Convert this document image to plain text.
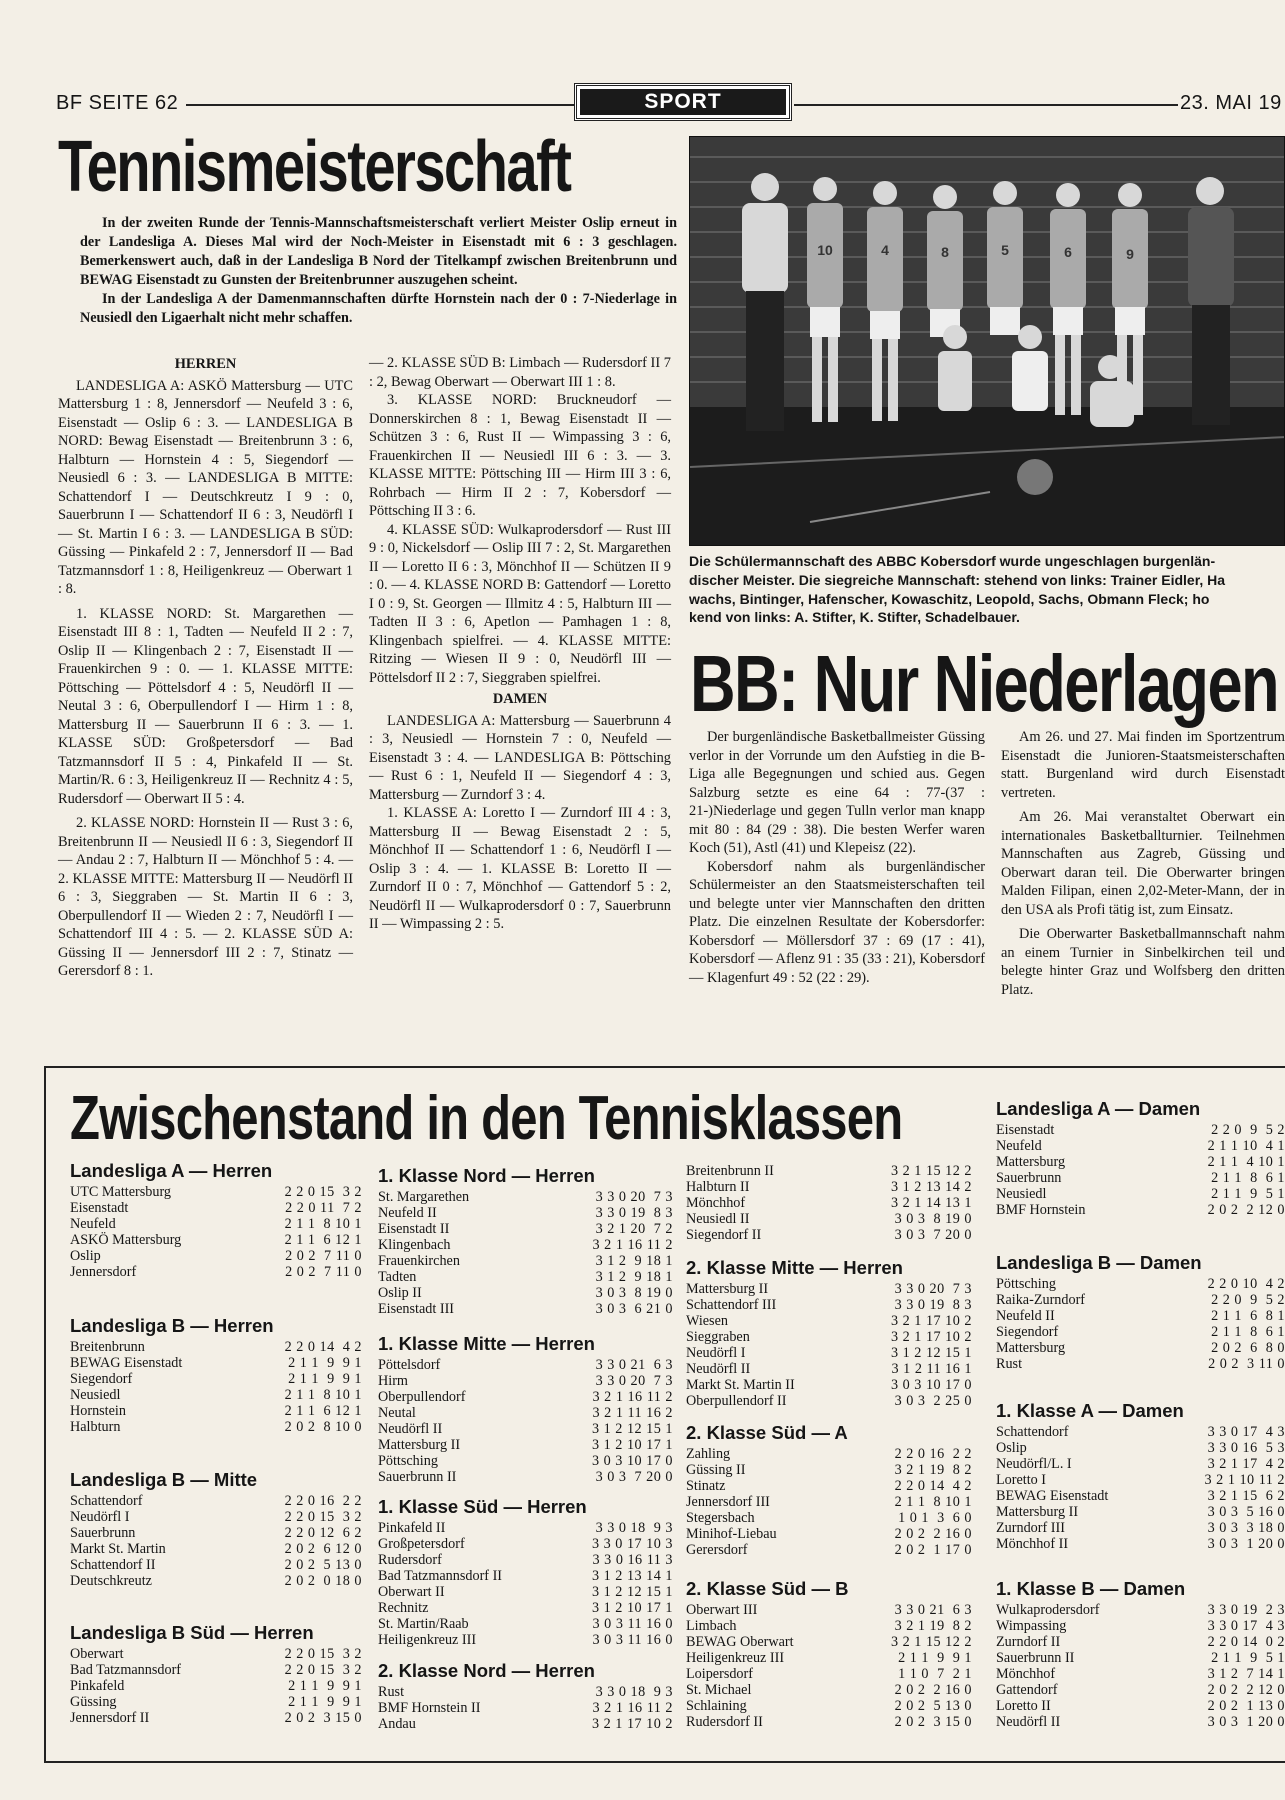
BF SEITE 62	SPORT	23. MAI 19
Tennismeisterschaft

In der zweiten Runde der Tennis-Mannschaftsmeisterschaft verliert Meister Oslip erneut in der Landesliga A. Dieses Mal wird der Noch-Meister in Eisenstadt mit 6 : 3 geschlagen. Bemerkenswert auch, daß in der Landesliga B Nord der Titelkampf zwischen Breitenbrunn und BEWAG Eisenstadt zu Gunsten der Breitenbrunner auszugehen scheint.

In der Landesliga A der Damenmannschaften dürfte Hornstein nach der 0 : 7-Niederlage in Neusiedl den Ligaerhalt nicht mehr schaffen.

HERREN

LANDESLIGA A: ASKÖ Mattersburg — UTC Mattersburg 1 : 8, Jennersdorf — Neufeld 3 : 6, Eisenstadt — Oslip 6 : 3. — LANDESLIGA B NORD: Bewag Eisenstadt — Breitenbrunn 3 : 6, Halbturn — Hornstein 4 : 5, Siegendorf — Neusiedl 6 : 3. — LANDESLIGA B MITTE: Schattendorf I — Deutschkreutz I 9 : 0, Sauerbrunn I — Schattendorf II 6 : 3, Neudörfl I — St. Martin I 6 : 3. — LANDESLIGA B SÜD: Güssing — Pinkafeld 2 : 7, Jennersdorf II — Bad Tatzmannsdorf 1 : 8, Heiligenkreuz — Oberwart 1 : 8.

1. KLASSE NORD: St. Margarethen — Eisenstadt III 8 : 1, Tadten — Neufeld II 2 : 7, Oslip II — Klingenbach 2 : 7, Eisenstadt II — Frauenkirchen 9 : 0. — 1. KLASSE MITTE: Pöttsching — Pöttelsdorf 4 : 5, Neudörfl II — Neutal 3 : 6, Oberpullendorf I — Hirm 1 : 8, Mattersburg II — Sauerbrunn II 6 : 3. — 1. KLASSE SÜD: Großpetersdorf — Bad Tatzmannsdorf II 5 : 4, Pinkafeld II — St. Martin/R. 6 : 3, Heiligenkreuz II — Rechnitz 4 : 5, Rudersdorf — Oberwart II 5 : 4.

2. KLASSE NORD: Hornstein II — Rust 3 : 6, Breitenbrunn II — Neusiedl II 6 : 3, Siegendorf II — Andau 2 : 7, Halbturn II — Mönchhof 5 : 4. — 2. KLASSE MITTE: Mattersburg II — Neudörfl II 6 : 3, Sieggraben — St. Martin II 6 : 3, Oberpullendorf II — Wieden 2 : 7, Neudörfl I — Schattendorf III 4 : 5. — 2. KLASSE SÜD A: Güssing II — Jennersdorf III 2 : 7, Stinatz — Gerersdorf 8 : 1.

— 2. KLASSE SÜD B: Limbach — Rudersdorf II 7 : 2, Bewag Oberwart — Oberwart III 1 : 8.

3. KLASSE NORD: Bruckneudorf — Donnerskirchen 8 : 1, Bewag Eisenstadt II — Schützen 3 : 6, Rust II — Wimpassing 3 : 6, Frauenkirchen II — Neusiedl III 6 : 3. — 3. KLASSE MITTE: Pöttsching III — Hirm III 3 : 6, Rohrbach — Hirm II 2 : 7, Kobersdorf — Pöttsching II 3 : 6.

4. KLASSE SÜD: Wulkaprodersdorf — Rust III 9 : 0, Nickelsdorf — Oslip III 7 : 2, St. Margarethen II — Loretto II 6 : 3, Mönchhof II — Schützen II 9 : 0. — 4. KLASSE NORD B: Gattendorf — Loretto I 0 : 9, St. Georgen — Illmitz 4 : 5, Halbturn III — Tadten II 3 : 6, Apetlon — Pamhagen 1 : 8, Klingenbach spielfrei. — 4. KLASSE MITTE: Ritzing — Wiesen II 9 : 0, Neudörfl III — Pöttelsdorf II 2 : 7, Sieggraben spielfrei.

DAMEN

LANDESLIGA A: Mattersburg — Sauerbrunn 4 : 3, Neusiedl — Hornstein 7 : 0, Neufeld — Eisenstadt 3 : 4. — LANDESLIGA B: Pöttsching — Rust 6 : 1, Neufeld II — Siegendorf 4 : 3, Mattersburg — Zurndorf 3 : 4.

1. KLASSE A: Loretto I — Zurndorf III 4 : 3, Mattersburg II — Bewag Eisenstadt 2 : 5, Mönchhof II — Schattendorf 1 : 6, Neudörfl I — Oslip 3 : 4. — 1. KLASSE B: Loretto II — Zurndorf II 0 : 7, Mönchhof — Gattendorf 5 : 2, Neudörfl II — Wulkaprodersdorf 0 : 7, Sauerbrunn II — Wimpassing 2 : 5.

4	8	5	6	9
10
Die Schülermannschaft des ABBC Kobersdorf wurde ungeschlagen burgenlän-
discher Meister. Die siegreiche Mannschaft: stehend von links: Trainer Eidler, Ha
wachs, Bintinger, Hafenscher, Kowaschitz, Leopold, Sachs, Obmann Fleck; ho
kend von links: A. Stifter, K. Stifter, Schadelbauer.
BB: Nur Niederlagen

Der burgenländische Basketballmeister Güssing verlor in der Vorrunde um den Aufstieg in die B-Liga alle Begegnungen und schied aus. Gegen Salzburg setzte es eine 64 : 77-(37 : 21-)Niederlage und gegen Tulln verlor man knapp mit 80 : 84 (29 : 38). Die besten Werfer waren Koch (51), Astl (41) und Klepeisz (22).

Kobersdorf nahm als burgenländischer Schülermeister an den Staatsmeisterschaften teil und belegte unter vier Mannschaften den dritten Platz. Die einzelnen Resultate der Kobersdorfer: Kobersdorf — Möllersdorf 37 : 69 (17 : 41), Kobersdorf — Aflenz 91 : 35 (33 : 21), Kobersdorf — Klagenfurt 49 : 52 (22 : 29).

Am 26. und 27. Mai finden im Sportzentrum Eisenstadt die Junioren-Staatsmeisterschaften statt. Burgenland wird durch Eisenstadt vertreten.

Am 26. Mai veranstaltet Oberwart ein internationales Basketballturnier. Teilnehmen Mannschaften aus Zagreb, Güssing und Oberwart daran teil. Die Oberwarter bringen Malden Filipan, einen 2,02-Meter-Mann, der in den USA als Profi tätig ist, zum Einsatz.

Die Oberwarter Basketballmannschaft nahm an einem Turnier in Sinbelkirchen teil und belegte hinter Graz und Wolfsberg den dritten Platz.

Zwischenstand in den Tennisklassen
Landesliga A — Herren
UTC Mattersburg	2 2 0 15  3 2
Eisenstadt	2 2 0 11  7 2
Neufeld	2 1 1  8 10 1
ASKÖ Mattersburg	2 1 1  6 12 1
Oslip	2 0 2  7 11 0
Jennersdorf	2 0 2  7 11 0
Landesliga B — Herren
Breitenbrunn	2 2 0 14  4 2
BEWAG Eisenstadt	2 1 1  9  9 1
Siegendorf	2 1 1  9  9 1
Neusiedl	2 1 1  8 10 1
Hornstein	2 1 1  6 12 1
Halbturn	2 0 2  8 10 0
Landesliga B — Mitte
Schattendorf	2 2 0 16  2 2
Neudörfl I	2 2 0 15  3 2
Sauerbrunn	2 2 0 12  6 2
Markt St. Martin	2 0 2  6 12 0
Schattendorf II	2 0 2  5 13 0
Deutschkreutz	2 0 2  0 18 0
Landesliga B Süd — Herren
Oberwart	2 2 0 15  3 2
Bad Tatzmannsdorf	2 2 0 15  3 2
Pinkafeld	2 1 1  9  9 1
Güssing	2 1 1  9  9 1
Jennersdorf II	2 0 2  3 15 0
1. Klasse Nord — Herren
St. Margarethen	3 3 0 20  7 3
Neufeld II	3 3 0 19  8 3
Eisenstadt II	3 2 1 20  7 2
Klingenbach	3 2 1 16 11 2
Frauenkirchen	3 1 2  9 18 1
Tadten	3 1 2  9 18 1
Oslip II	3 0 3  8 19 0
Eisenstadt III	3 0 3  6 21 0
1. Klasse Mitte — Herren
Pöttelsdorf	3 3 0 21  6 3
Hirm	3 3 0 20  7 3
Oberpullendorf	3 2 1 16 11 2
Neutal	3 2 1 11 16 2
Neudörfl II	3 1 2 12 15 1
Mattersburg II	3 1 2 10 17 1
Pöttsching	3 0 3 10 17 0
Sauerbrunn II	3 0 3  7 20 0
1. Klasse Süd — Herren
Pinkafeld II	3 3 0 18  9 3
Großpetersdorf	3 3 0 17 10 3
Rudersdorf	3 3 0 16 11 3
Bad Tatzmannsdorf II	3 1 2 13 14 1
Oberwart II	3 1 2 12 15 1
Rechnitz	3 1 2 10 17 1
St. Martin/Raab	3 0 3 11 16 0
Heiligenkreuz III	3 0 3 11 16 0
2. Klasse Nord — Herren
Rust	3 3 0 18  9 3
BMF Hornstein II	3 2 1 16 11 2
Andau	3 2 1 17 10 2
Breitenbrunn II	3 2 1 15 12 2
Halbturn II	3 1 2 13 14 2
Mönchhof	3 2 1 14 13 1
Neusiedl II	3 0 3  8 19 0
Siegendorf II	3 0 3  7 20 0
2. Klasse Mitte — Herren
Mattersburg II	3 3 0 20  7 3
Schattendorf III	3 3 0 19  8 3
Wiesen	3 2 1 17 10 2
Sieggraben	3 2 1 17 10 2
Neudörfl I	3 1 2 12 15 1
Neudörfl II	3 1 2 11 16 1
Markt St. Martin II	3 0 3 10 17 0
Oberpullendorf II	3 0 3  2 25 0
2. Klasse Süd — A
Zahling	2 2 0 16  2 2
Güssing II	3 2 1 19  8 2
Stinatz	2 2 0 14  4 2
Jennersdorf III	2 1 1  8 10 1
Stegersbach	1 0 1  3  6 0
Minihof-Liebau	2 0 2  2 16 0
Gerersdorf	2 0 2  1 17 0
2. Klasse Süd — B
Oberwart III	3 3 0 21  6 3
Limbach	3 2 1 19  8 2
BEWAG Oberwart	3 2 1 15 12 2
Heiligenkreuz III	2 1 1  9  9 1
Loipersdorf	1 1 0  7  2 1
St. Michael	2 0 2  2 16 0
Schlaining	2 0 2  5 13 0
Rudersdorf II	2 0 2  3 15 0
Landesliga A — Damen
Eisenstadt	2 2 0  9  5 2
Neufeld	2 1 1 10  4 1
Mattersburg	2 1 1  4 10 1
Sauerbrunn	2 1 1  8  6 1
Neusiedl	2 1 1  9  5 1
BMF Hornstein	2 0 2  2 12 0
Landesliga B — Damen
Pöttsching	2 2 0 10  4 2
Raika-Zurndorf	2 2 0  9  5 2
Neufeld II	2 1 1  6  8 1
Siegendorf	2 1 1  8  6 1
Mattersburg	2 0 2  6  8 0
Rust	2 0 2  3 11 0
1. Klasse A — Damen
Schattendorf	3 3 0 17  4 3
Oslip	3 3 0 16  5 3
Neudörfl/L. I	3 2 1 17  4 2
Loretto I	3 2 1 10 11 2
BEWAG Eisenstadt	3 2 1 15  6 2
Mattersburg II	3 0 3  5 16 0
Zurndorf III	3 0 3  3 18 0
Mönchhof II	3 0 3  1 20 0
1. Klasse B — Damen
Wulkaprodersdorf	3 3 0 19  2 3
Wimpassing	3 3 0 17  4 3
Zurndorf II	2 2 0 14  0 2
Sauerbrunn II	2 1 1  9  5 1
Mönchhof	3 1 2  7 14 1
Gattendorf	2 0 2  2 12 0
Loretto II	2 0 2  1 13 0
Neudörfl II	3 0 3  1 20 0
